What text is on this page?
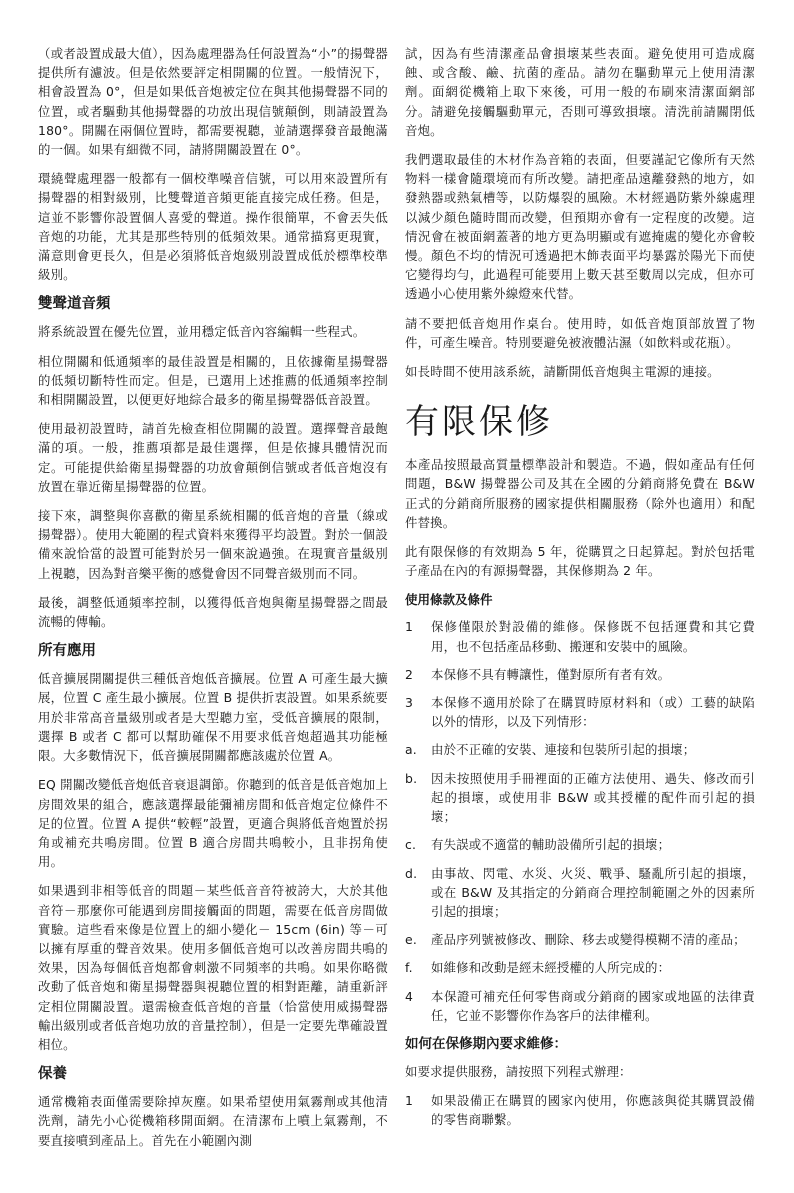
（或者設置成最大值），因為處理器為任何設置為“小”的揚聲器提供所有濾波。但是依然要評定相開關的位置。一般情況下，相會設置為 0°，但是如果低音炮被定位在與其他揚聲器不同的位置，或者驅動其他揚聲器的功放出現信號顛倒，則請設置為 180°。開關在兩個位置時，都需要視聽，並請選擇發音最飽滿的一個。如果有細微不同，請將開關設置在 0°。

環繞聲處理器一般都有一個校準噪音信號，可以用來設置所有揚聲器的相對級別，比雙聲道音頻更能直接完成任務。但是，這並不影響你設置個人喜愛的聲道。操作很簡單，不會丟失低音炮的功能，尤其是那些特別的低頻效果。通常描寫更現實，滿意則會更長久，但是必須將低音炮級別設置成低於標準校準級別。

雙聲道音頻

將系統設置在優先位置，並用穩定低音內容編輯一些程式。

相位開關和低通頻率的最佳設置是相關的，且依據衛星揚聲器的低頻切斷特性而定。但是，已選用上述推薦的低通頻率控制和相開關設置，以便更好地綜合最多的衛星揚聲器低音設置。

使用最初設置時，請首先檢查相位開關的設置。選擇聲音最飽滿的項。一般，推薦項都是最佳選擇，但是依據具體情況而定。可能提供給衛星揚聲器的功放會顛倒信號或者低音炮沒有放置在靠近衛星揚聲器的位置。

接下來，調整與你喜歡的衛星系統相關的低音炮的音量（線或揚聲器）。使用大範圍的程式資料來獲得平均設置。對於一個設備來說恰當的設置可能對於另一個來說過強。在現實音量級別上視聽，因為對音樂平衡的感覺會因不同聲音級別而不同。

最後，調整低通頻率控制，以獲得低音炮與衛星揚聲器之間最流暢的傳輸。

所有應用

低音擴展開關提供三種低音炮低音擴展。位置 A 可產生最大擴展，位置 C 產生最小擴展。位置 B 提供折衷設置。如果系統要用於非常高音量級別或者是大型聽力室，受低音擴展的限制，選擇 B 或者 C 都可以幫助確保不用要求低音炮超過其功能極限。大多數情況下，低音擴展開關都應該處於位置 A。

EQ 開關改變低音炮低音衰退調節。你聽到的低音是低音炮加上房間效果的組合，應該選擇最能彌補房間和低音炮定位條件不足的位置。位置 A 提供“較輕”設置，更適合與將低音炮置於拐角或補充共鳴房間。位置 B 適合房間共鳴較小，且非拐角使用。

如果遇到非相等低音的問題－某些低音音符被誇大，大於其他音符－那麼你可能遇到房間接觸面的問題，需要在低音房間做實驗。這些看來像是位置上的細小變化－ 15cm (6in) 等－可以擁有厚重的聲音效果。使用多個低音炮可以改善房間共鳴的效果，因為每個低音炮都會刺激不同頻率的共鳴。如果你略微改動了低音炮和衛星揚聲器與視聽位置的相對距離，請重新評定相位開關設置。還需檢查低音炮的音量（恰當使用威揚聲器輸出級別或者低音炮功放的音量控制），但是一定要先準確設置相位。

保養

通常機箱表面僅需要除掉灰塵。如果希望使用氣霧劑或其他清洗劑，請先小心從機箱移開面網。在清潔布上噴上氣霧劑，不要直接噴到產品上。首先在小範圍內測

試，因為有些清潔產品會損壞某些表面。避免使用可造成腐蝕、或含酸、鹼、抗菌的產品。請勿在驅動單元上使用清潔劑。面網從機箱上取下來後，可用一般的布刷來清潔面網部分。請避免接觸驅動單元，否則可導致損壞。清洗前請關閉低音炮。

我們選取最佳的木材作為音箱的表面，但要謹記它像所有天然物料一樣會隨環境而有所改變。請把產品遠離發熱的地方，如發熱器或熱氣槽等，以防爆裂的風險。木材經過防紫外線處理以減少顏色隨時間而改變，但預期亦會有一定程度的改變。這情況會在被面網蓋著的地方更為明顯或有遮掩處的變化亦會較慢。顏色不均的情況可透過把木飾表面平均暴露於陽光下而使它變得均勻，此過程可能要用上數天甚至數周以完成，但亦可透過小心使用紫外線燈來代替。

請不要把低音炮用作桌台。使用時，如低音炮頂部放置了物件，可產生噪音。特別要避免被液體沾濕（如飲料或花瓶）。

如長時間不使用該系統，請斷開低音炮與主電源的連接。

有限保修

本產品按照最高質量標準設計和製造。不過，假如產品有任何問題，B&W 揚聲器公司及其在全國的分銷商將免費在 B&W 正式的分銷商所服務的國家提供相關服務（除外也適用）和配件替換。

此有限保修的有效期為 5 年，從購買之日起算起。對於包括電子產品在內的有源揚聲器，其保修期為 2 年。

使用條款及條件
1	保修僅限於對設備的維修。保修既不包括運費和其它費用，也不包括產品移動、搬運和安裝中的風險。
2	本保修不具有轉讓性，僅對原所有者有效。
3	本保修不適用於除了在購買時原材料和（或）工藝的缺陷以外的情形，以及下列情形：
a.	由於不正確的安裝、連接和包裝所引起的損壞；
b.	因未按照使用手冊裡面的正確方法使用、過失、修改而引起的損壞，或使用非 B&W 或其授權的配件而引起的損壞；
c.	有失誤或不適當的輔助設備所引起的損壞；
d.	由事故、閃電、水災、火災、戰爭、騷亂所引起的損壞，或在 B&W 及其指定的分銷商合理控制範圍之外的因素所引起的損壞；
e.	產品序列號被修改、刪除、移去或變得模糊不清的產品；
f.	如維修和改動是經未經授權的人所完成的：
4	本保證可補充任何零售商或分銷商的國家或地區的法律責任，它並不影響你作為客戶的法律權利。
如何在保修期內要求維修：

如要求提供服務，請按照下列程式辦理：

1	如果設備正在購買的國家內使用，你應該與從其購買設備的零售商聯繫。
